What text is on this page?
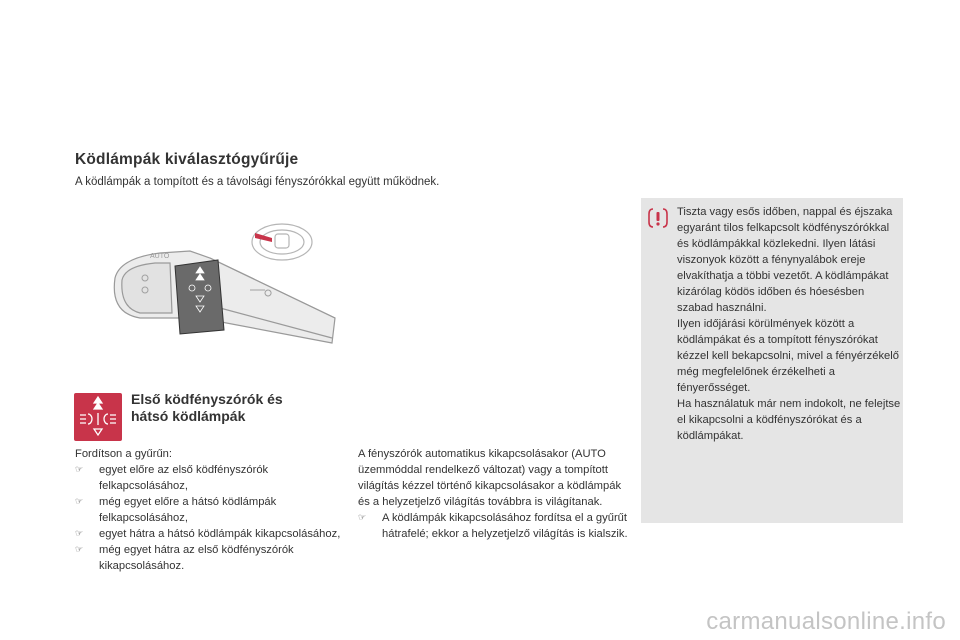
Ködlámpák kiválasztógyűrűje

A ködlámpák a tompított és a távolsági fényszórókkal együtt működnek.

AUTO
Első ködfényszórók és
hátsó ködlámpák

Fordítson a gyűrűn:

☞ egyet előre az első ködfényszórók felkapcsolásához,
☞ még egyet előre a hátsó ködlámpák felkapcsolásához,
☞ egyet hátra a hátsó ködlámpák kikapcsolásához,
☞ még egyet hátra az első ködfényszórók kikapcsolásához.

A fényszórók automatikus kikapcsolásakor (AUTO üzemmóddal rendelkező változat) vagy a tompított világítás kézzel történő kikapcsolásakor a ködlámpák és a helyzetjelző világítás továbbra is világítanak.

☞ A ködlámpák kikapcsolásához fordítsa el a gyűrűt hátrafelé; ekkor a helyzetjelző világítás is kialszik.

Tiszta vagy esős időben, nappal és éjszaka egyaránt tilos felkapcsolt ködfényszórókkal és ködlámpákkal közlekedni. Ilyen látási viszonyok között a fénynyalábok ereje elvakíthatja a többi vezetőt. A ködlámpákat kizárólag ködös időben és hóesésben szabad használni.

Ilyen időjárási körülmények között a ködlámpákat és a tompított fényszórókat kézzel kell bekapcsolni, mivel a fényérzékelő még megfelelőnek érzékelheti a fényerősséget.

Ha használatuk már nem indokolt, ne felejtse el kikapcsolni a ködfényszórókat és a ködlámpákat.

carmanualsonline.info
